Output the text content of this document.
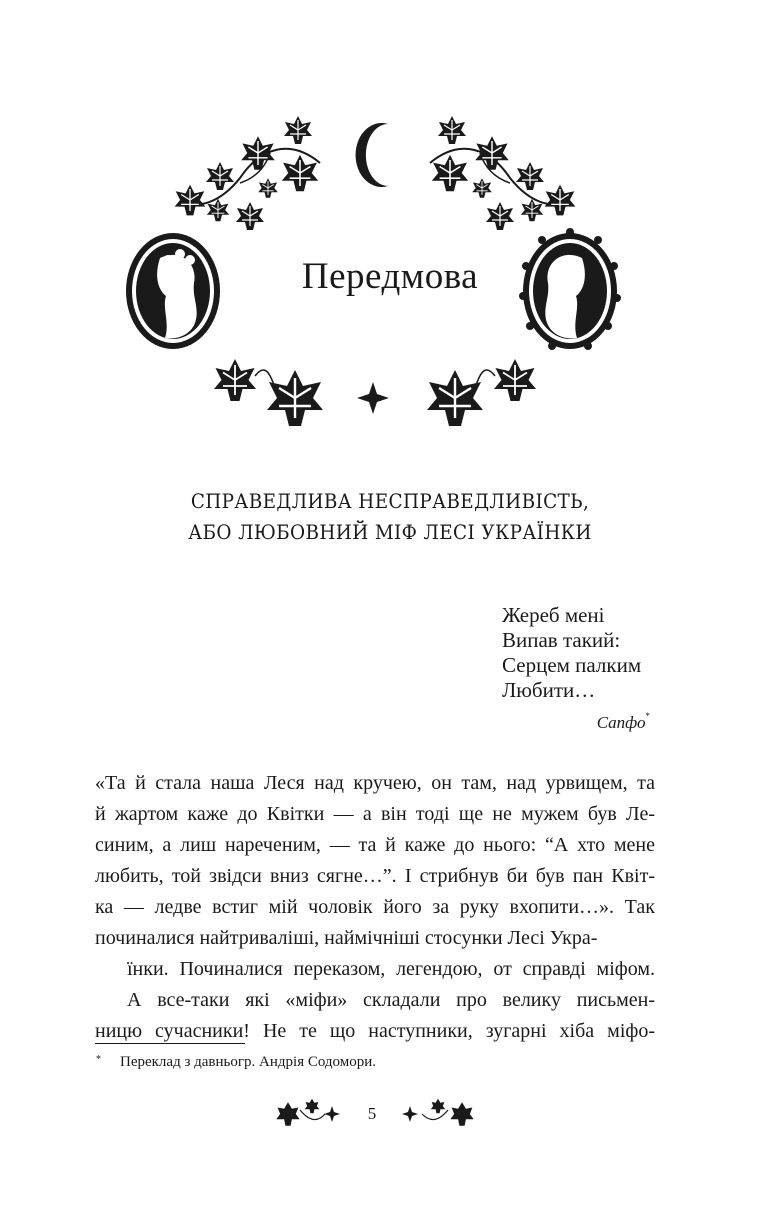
Передмова
СПРАВЕДЛИВА НЕСПРАВЕДЛИВІСТЬ,
АБО ЛЮБОВНИЙ МІФ ЛЕСІ УКРАЇНКИ
Жереб мені
Випав такий:
Серцем палким
Любити…
Сапфо*
«Та й стала наша Леся над кручею, он там, над урвищем, та
й жартом каже до Квітки — а він тоді ще не мужем був Ле-
синим, а лиш нареченим, — та й каже до нього: “А хто мене
любить, той звідси вниз сягне…”. І стрибнув би був пан Квіт-
ка — ледве встиг мій чоловік його за руку вхопити…». Так
починалися найтриваліші, наймічніші стосунки Лесі Укра-
їнки. Починалися переказом, легендою, от справді міфом.
А все-таки які «міфи» складали про велику письмен-
ницю сучасники! Не те що наступники, зугарні хіба міфо-
* Переклад з давньогр. Андрія Содомори.
5
